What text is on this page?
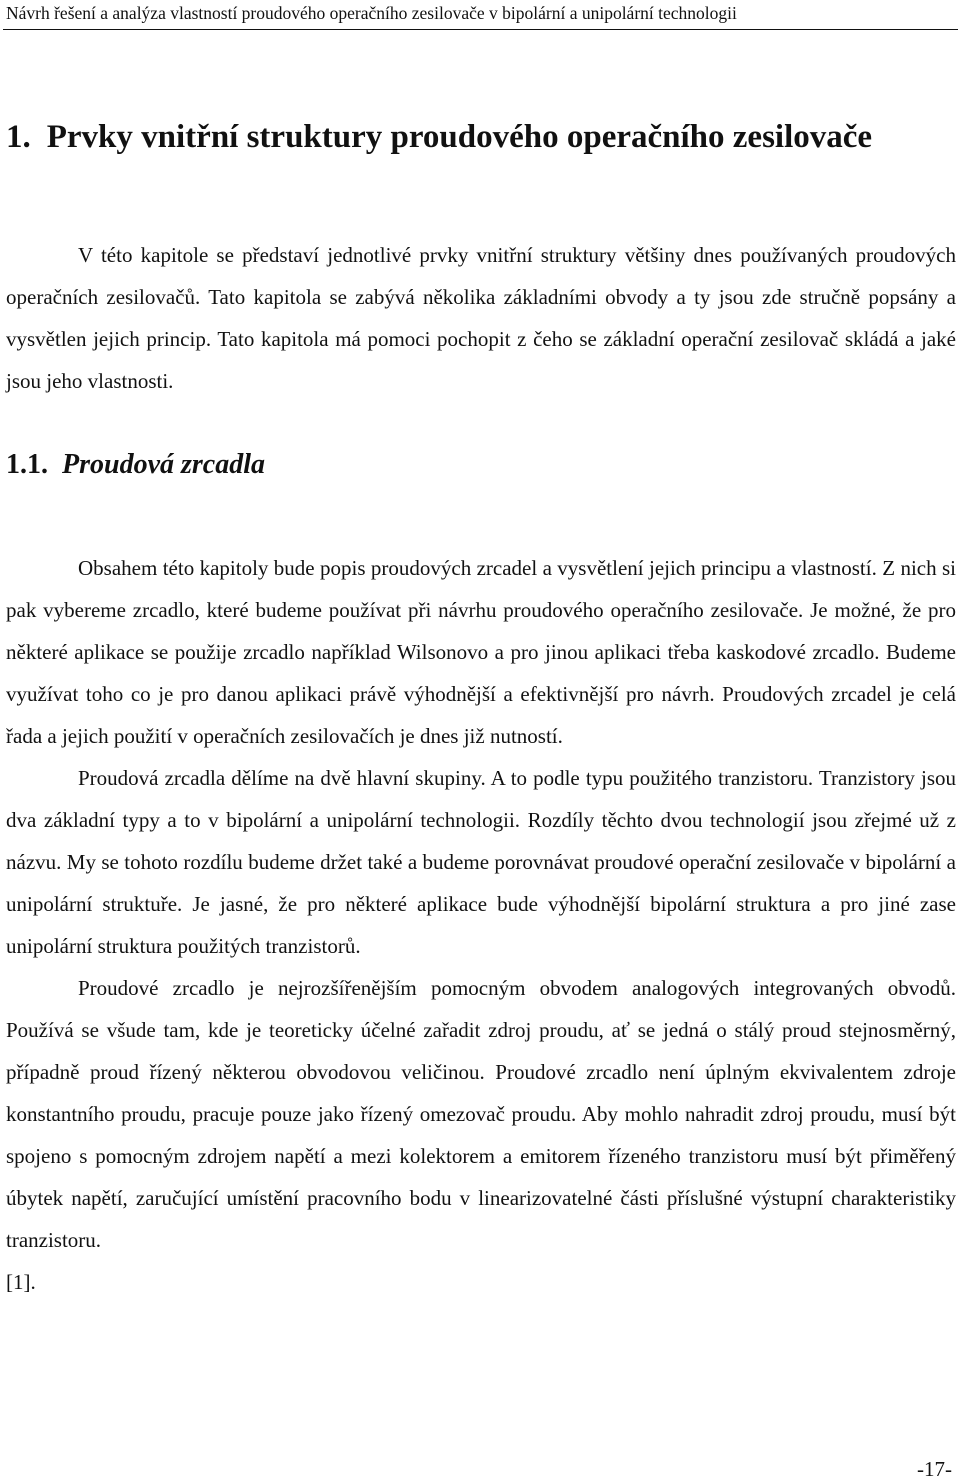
Návrh řešení a analýza vlastností proudového operačního zesilovače v bipolární a unipolární technologii
1. Prvky vnitřní struktury proudového operačního zesilovače

V této kapitole se představí jednotlivé prvky vnitřní struktury většiny dnes používaných proudových operačních zesilovačů. Tato kapitola se zabývá několika základními obvody a ty jsou zde stručně popsány a vysvětlen jejich princip. Tato kapitola má pomoci pochopit z čeho se základní operační zesilovač skládá a jaké jsou jeho vlastnosti.

1.1. Proudová zrcadla

Obsahem této kapitoly bude popis proudových zrcadel a vysvětlení jejich principu a vlastností. Z nich si pak vybereme zrcadlo, které budeme používat při návrhu proudového operačního zesilovače. Je možné, že pro některé aplikace se použije zrcadlo například Wilsonovo a pro jinou aplikaci třeba kaskodové zrcadlo. Budeme využívat toho co je pro danou aplikaci právě výhodnější a efektivnější pro návrh. Proudových zrcadel je celá řada a jejich použití v operačních zesilovačích je dnes již nutností.

Proudová zrcadla dělíme na dvě hlavní skupiny. A to podle typu použitého tranzistoru. Tranzistory jsou dva základní typy a to v bipolární a unipolární technologii. Rozdíly těchto dvou technologií jsou zřejmé už z názvu. My se tohoto rozdílu budeme držet také a budeme porovnávat proudové operační zesilovače v bipolární a unipolární struktuře. Je jasné, že pro některé aplikace bude výhodnější bipolární struktura a pro jiné zase unipolární struktura použitých tranzistorů.

Proudové zrcadlo je nejrozšířenějším pomocným obvodem analogových integrovaných obvodů. Používá se všude tam, kde je teoreticky účelné zařadit zdroj proudu, ať se jedná o stálý proud stejnosměrný, případně proud řízený některou obvodovou veličinou. Proudové zrcadlo není úplným ekvivalentem zdroje konstantního proudu, pracuje pouze jako řízený omezovač proudu. Aby mohlo nahradit zdroj proudu, musí být spojeno s pomocným zdrojem napětí a mezi kolektorem a emitorem řízeného tranzistoru musí být přiměřený úbytek napětí, zaručující umístění pracovního bodu v linearizovatelné části příslušné výstupní charakteristiky tranzistoru.

[1].

-17-
